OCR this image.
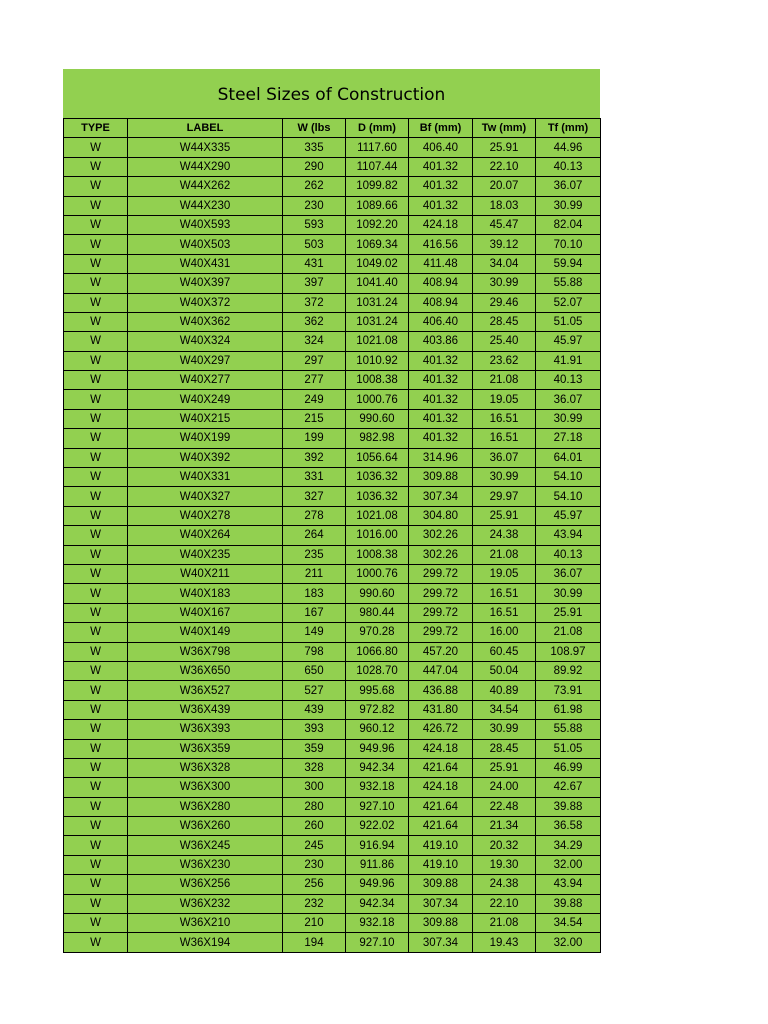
Steel Sizes of Construction
TYPE	LABEL	W (lbs	D (mm)	Bf (mm)	Tw (mm)	Tf (mm)
W	W44X335	335	1117.60	406.40	25.91	44.96
W	W44X290	290	1107.44	401.32	22.10	40.13
W	W44X262	262	1099.82	401.32	20.07	36.07
W	W44X230	230	1089.66	401.32	18.03	30.99
W	W40X593	593	1092.20	424.18	45.47	82.04
W	W40X503	503	1069.34	416.56	39.12	70.10
W	W40X431	431	1049.02	411.48	34.04	59.94
W	W40X397	397	1041.40	408.94	30.99	55.88
W	W40X372	372	1031.24	408.94	29.46	52.07
W	W40X362	362	1031.24	406.40	28.45	51.05
W	W40X324	324	1021.08	403.86	25.40	45.97
W	W40X297	297	1010.92	401.32	23.62	41.91
W	W40X277	277	1008.38	401.32	21.08	40.13
W	W40X249	249	1000.76	401.32	19.05	36.07
W	W40X215	215	990.60	401.32	16.51	30.99
W	W40X199	199	982.98	401.32	16.51	27.18
W	W40X392	392	1056.64	314.96	36.07	64.01
W	W40X331	331	1036.32	309.88	30.99	54.10
W	W40X327	327	1036.32	307.34	29.97	54.10
W	W40X278	278	1021.08	304.80	25.91	45.97
W	W40X264	264	1016.00	302.26	24.38	43.94
W	W40X235	235	1008.38	302.26	21.08	40.13
W	W40X211	211	1000.76	299.72	19.05	36.07
W	W40X183	183	990.60	299.72	16.51	30.99
W	W40X167	167	980.44	299.72	16.51	25.91
W	W40X149	149	970.28	299.72	16.00	21.08
W	W36X798	798	1066.80	457.20	60.45	108.97
W	W36X650	650	1028.70	447.04	50.04	89.92
W	W36X527	527	995.68	436.88	40.89	73.91
W	W36X439	439	972.82	431.80	34.54	61.98
W	W36X393	393	960.12	426.72	30.99	55.88
W	W36X359	359	949.96	424.18	28.45	51.05
W	W36X328	328	942.34	421.64	25.91	46.99
W	W36X300	300	932.18	424.18	24.00	42.67
W	W36X280	280	927.10	421.64	22.48	39.88
W	W36X260	260	922.02	421.64	21.34	36.58
W	W36X245	245	916.94	419.10	20.32	34.29
W	W36X230	230	911.86	419.10	19.30	32.00
W	W36X256	256	949.96	309.88	24.38	43.94
W	W36X232	232	942.34	307.34	22.10	39.88
W	W36X210	210	932.18	309.88	21.08	34.54
W	W36X194	194	927.10	307.34	19.43	32.00
